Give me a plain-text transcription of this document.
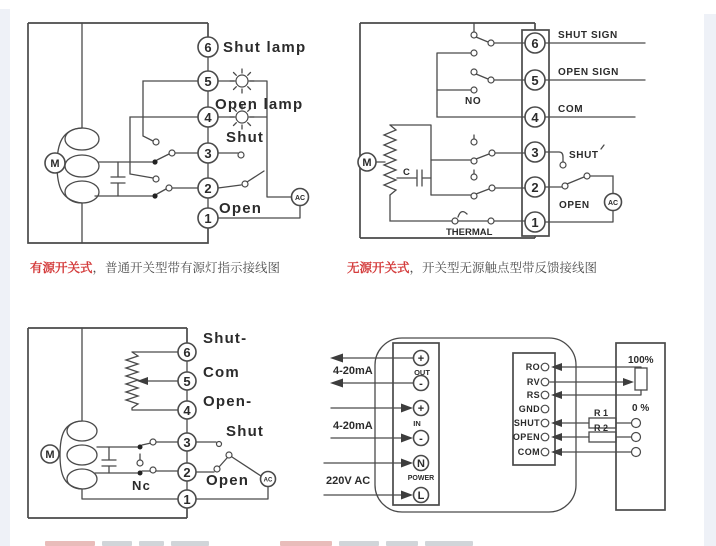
6
5
4
3
2
1
M
AC
Shut lamp
Open lamp
Shut
Open
6
5
4
3
2
1
M
AC
SHUT SIGN
OPEN SIGN
COM
SHUT
OPEN
NO
THERMAL
C
有源开关式，普通开关型带有源灯指示接线图	无源开关式，开关型无源触点型带反馈接线图
6
5
4
3
2
1
M
AC
Shut-
Com
Open-
Shut
Open
Nc
+
-
+
-
N
L
OUT
IN
POWER
4-20mA
4-20mA
220V AC
RO
RV
RS
GND
SHUT
OPEN
COM
100%
0 %
R 1
R 2
